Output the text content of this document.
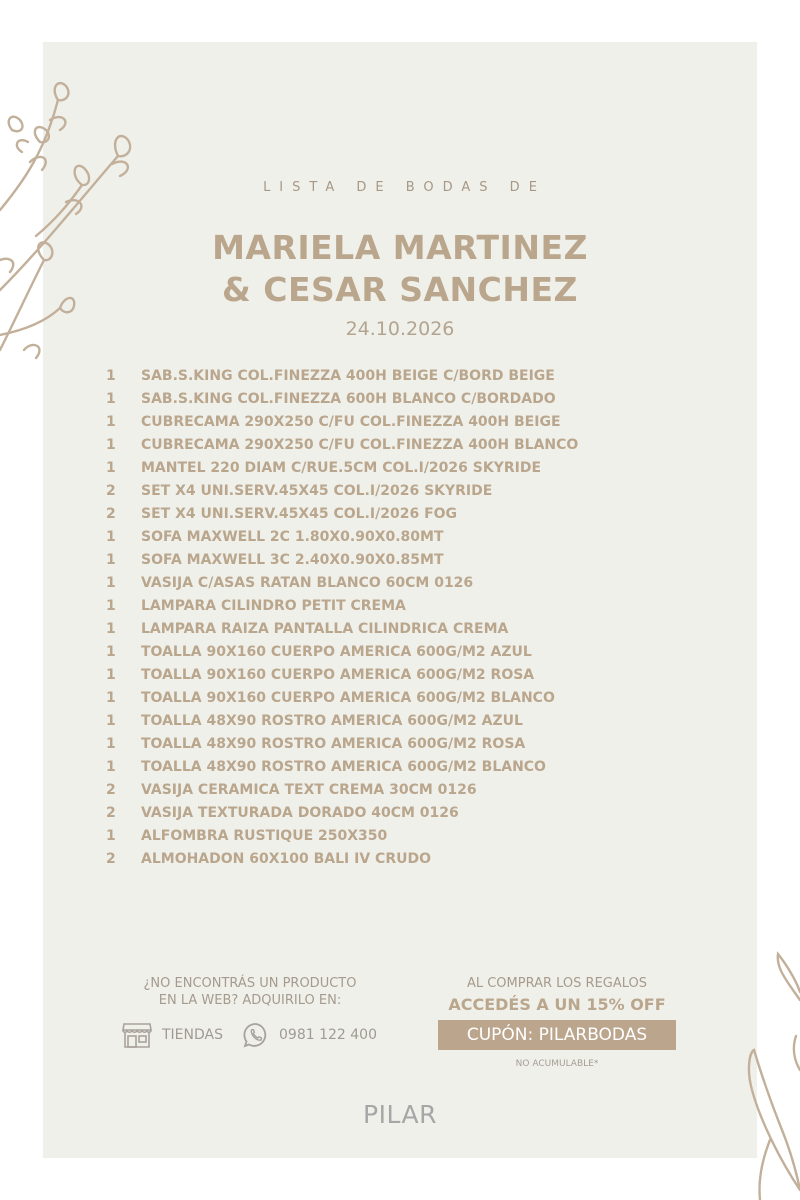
LISTA DE BODAS DE
MARIELA MARTINEZ
& CESAR SANCHEZ
24.10.2026
1	SAB.S.KING COL.FINEZZA 400H BEIGE C/BORD BEIGE
1	SAB.S.KING COL.FINEZZA 600H BLANCO C/BORDADO
1	CUBRECAMA 290X250 C/FU COL.FINEZZA 400H BEIGE
1	CUBRECAMA 290X250 C/FU COL.FINEZZA 400H BLANCO
1	MANTEL 220 DIAM C/RUE.5CM COL.I/2026 SKYRIDE
2	SET X4 UNI.SERV.45X45 COL.I/2026 SKYRIDE
2	SET X4 UNI.SERV.45X45 COL.I/2026 FOG
1	SOFA MAXWELL 2C 1.80X0.90X0.80MT
1	SOFA MAXWELL 3C 2.40X0.90X0.85MT
1	VASIJA C/ASAS RATAN BLANCO 60CM 0126
1	LAMPARA CILINDRO PETIT CREMA
1	LAMPARA RAIZA PANTALLA CILINDRICA CREMA
1	TOALLA 90X160 CUERPO AMERICA 600G/M2 AZUL
1	TOALLA 90X160 CUERPO AMERICA 600G/M2 ROSA
1	TOALLA 90X160 CUERPO AMERICA 600G/M2 BLANCO
1	TOALLA 48X90 ROSTRO AMERICA 600G/M2 AZUL
1	TOALLA 48X90 ROSTRO AMERICA 600G/M2 ROSA
1	TOALLA 48X90 ROSTRO AMERICA 600G/M2 BLANCO
2	VASIJA CERAMICA TEXT CREMA 30CM 0126
2	VASIJA TEXTURADA DORADO 40CM 0126
1	ALFOMBRA RUSTIQUE 250X350
2	ALMOHADON 60X100 BALI IV CRUDO
¿NO ENCONTRÁS UN PRODUCTO
EN LA WEB? ADQUIRILO EN:
TIENDAS	0981 122 400
AL COMPRAR LOS REGALOS
ACCEDÉS A UN 15% OFF
CUPÓN: PILARBODAS
NO ACUMULABLE*
PILAR
